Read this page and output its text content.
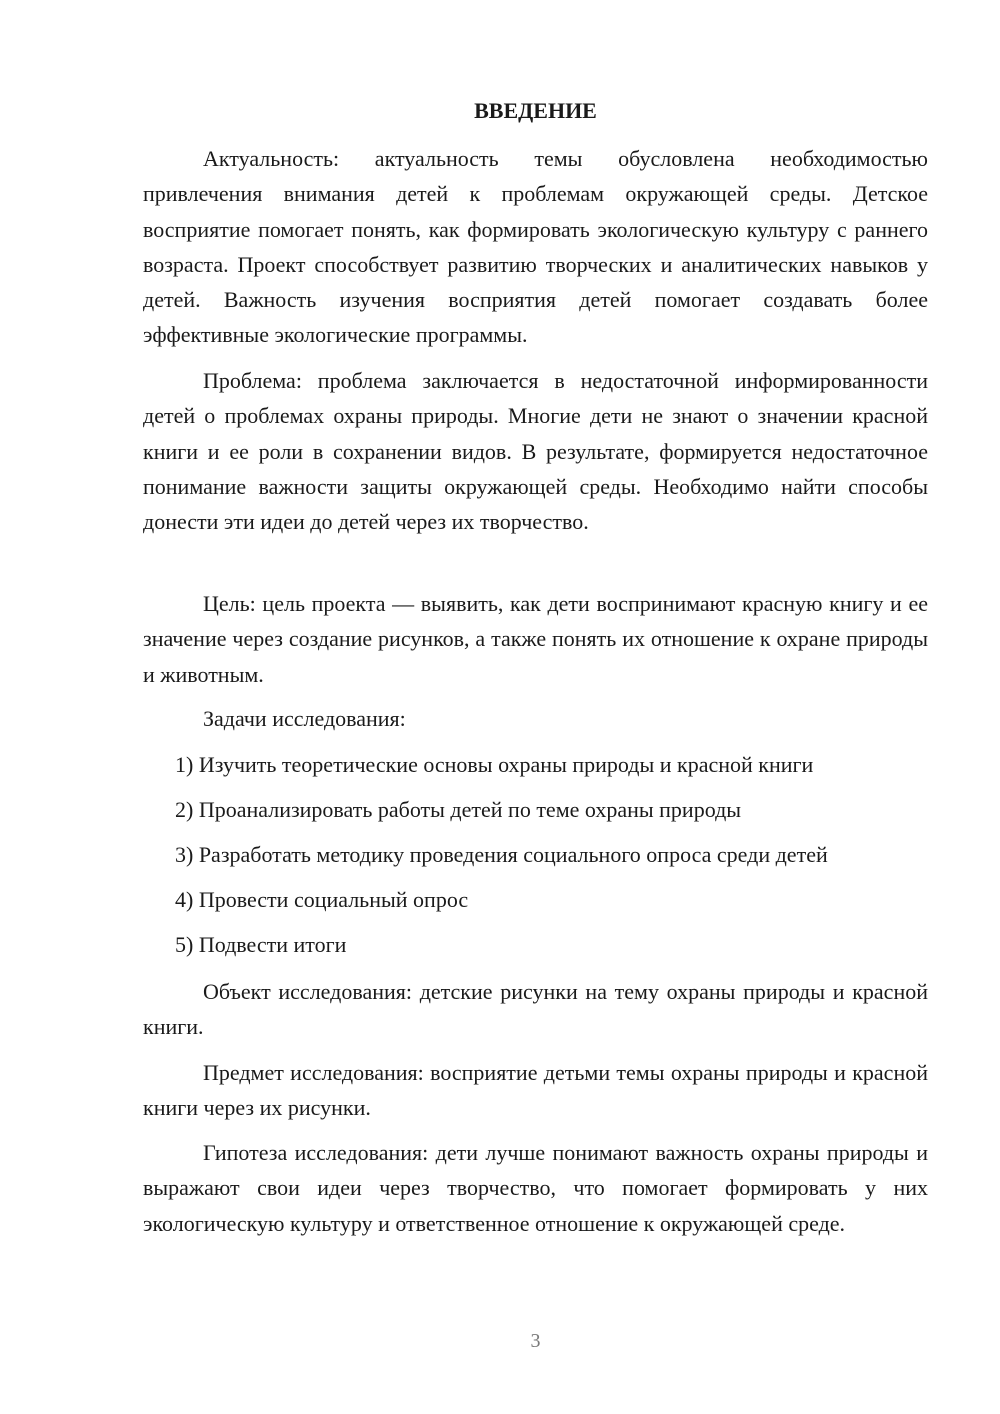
ВВЕДЕНИЕ

Актуальность: актуальность темы обусловлена необходимостью привлечения внимания детей к проблемам окружающей среды. Детское восприятие помогает понять, как формировать экологическую культуру с раннего возраста. Проект способствует развитию творческих и аналитических навыков у детей. Важность изучения восприятия детей помогает создавать более эффективные экологические программы.

Проблема: проблема заключается в недостаточной информированности детей о проблемах охраны природы. Многие дети не знают о значении красной книги и ее роли в сохранении видов. В результате, формируется недостаточное понимание важности защиты окружающей среды. Необходимо найти способы донести эти идеи до детей через их творчество.

Цель: цель проекта — выявить, как дети воспринимают красную книгу и ее значение через создание рисунков, а также понять их отношение к охране природы и животным.

Задачи исследования:

1) Изучить теоретические основы охраны природы и красной книги

2) Проанализировать работы детей по теме охраны природы

3) Разработать методику проведения социального опроса среди детей

4) Провести социальный опрос

5) Подвести итоги

Объект исследования: детские рисунки на тему охраны природы и красной книги.

Предмет исследования: восприятие детьми темы охраны природы и красной книги через их рисунки.

Гипотеза исследования: дети лучше понимают важность охраны природы и выражают свои идеи через творчество, что помогает формировать у них экологическую культуру и ответственное отношение к окружающей среде.

3
